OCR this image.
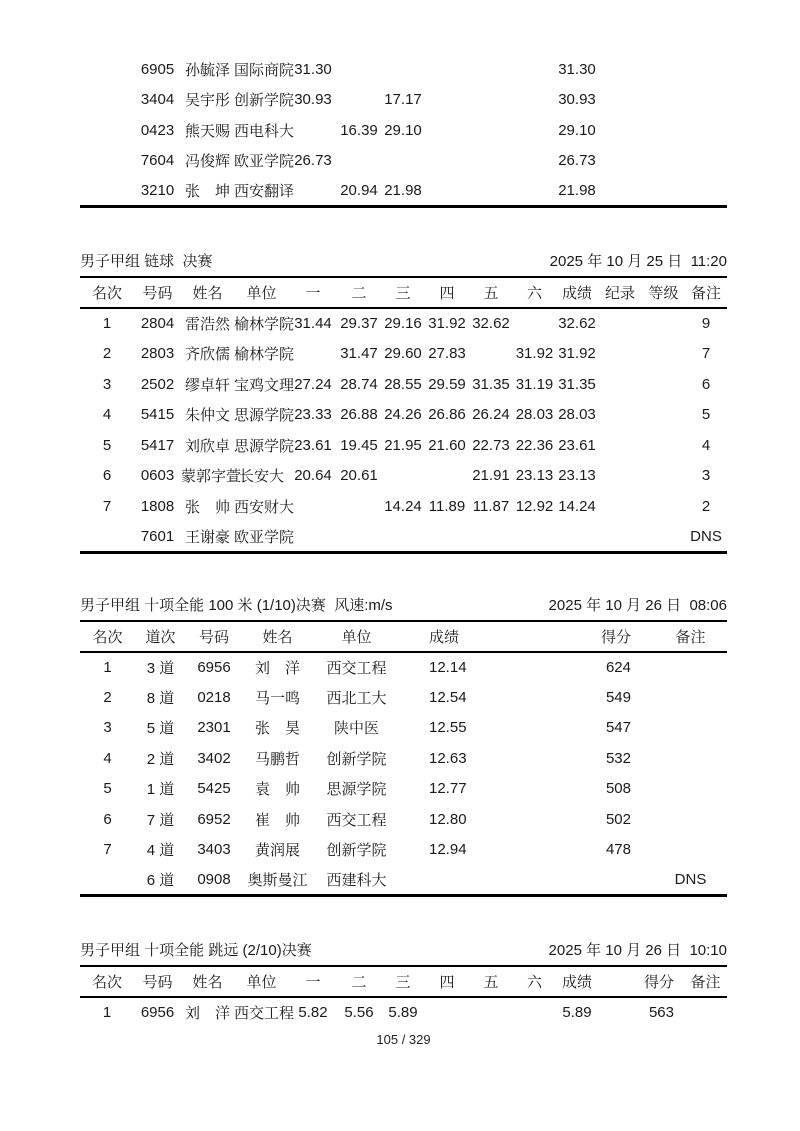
	6905	孙毓泽	国际商院	31.30						31.30			
	3404	吴宇彤	创新学院	30.93		17.17				30.93			
	0423	熊天赐	西电科大		16.39	29.10				29.10			
	7604	冯俊辉	欧亚学院	26.73						26.73			
	3210	张　坤	西安翻译		20.94	21.98				21.98			
男子甲组 链球  决赛	2025 年 10 月 25 日  11:20
名次	号码	姓名	单位	一	二	三	四	五	六	成绩	纪录	等级	备注
1	2804	雷浩然	榆林学院	31.44	29.37	29.16	31.92	32.62		32.62			9
2	2803	齐欣儒	榆林学院		31.47	29.60	27.83		31.92	31.92			7
3	2502	缪卓轩	宝鸡文理	27.24	28.74	28.55	29.59	31.35	31.19	31.35			6
4	5415	朱仲文	思源学院	23.33	26.88	24.26	26.86	26.24	28.03	28.03			5
5	5417	刘欣卓	思源学院	23.61	19.45	21.95	21.60	22.73	22.36	23.61			4
6	0603	蒙郭字萱	长安大	20.64	20.61			21.91	23.13	23.13			3
7	1808	张　帅	西安财大			14.24	11.89	11.87	12.92	14.24			2
	7601	王谢豪	欧亚学院										DNS
男子甲组 十项全能 100 米 (1/10)决赛  风速:m/s	2025 年 10 月 26 日  08:06
名次	道次	号码	姓名	单位	成绩	得分	备注
1	3 道	6956	刘　洋	西交工程	12.14	624	
2	8 道	0218	马一鸣	西北工大	12.54	549	
3	5 道	2301	张　昊	陕中医	12.55	547	
4	2 道	3402	马鹏哲	创新学院	12.63	532	
5	1 道	5425	袁　帅	思源学院	12.77	508	
6	7 道	6952	崔　帅	西交工程	12.80	502	
7	4 道	3403	黄润展	创新学院	12.94	478	
	6 道	0908	奥斯曼江	西建科大			DNS
男子甲组 十项全能 跳远 (2/10)决赛	2025 年 10 月 26 日  10:10
名次	号码	姓名	单位	一	二	三	四	五	六	成绩	得分	备注
1	6956	刘　洋	西交工程	5.82	5.56	5.89				5.89	563	
105 / 329
